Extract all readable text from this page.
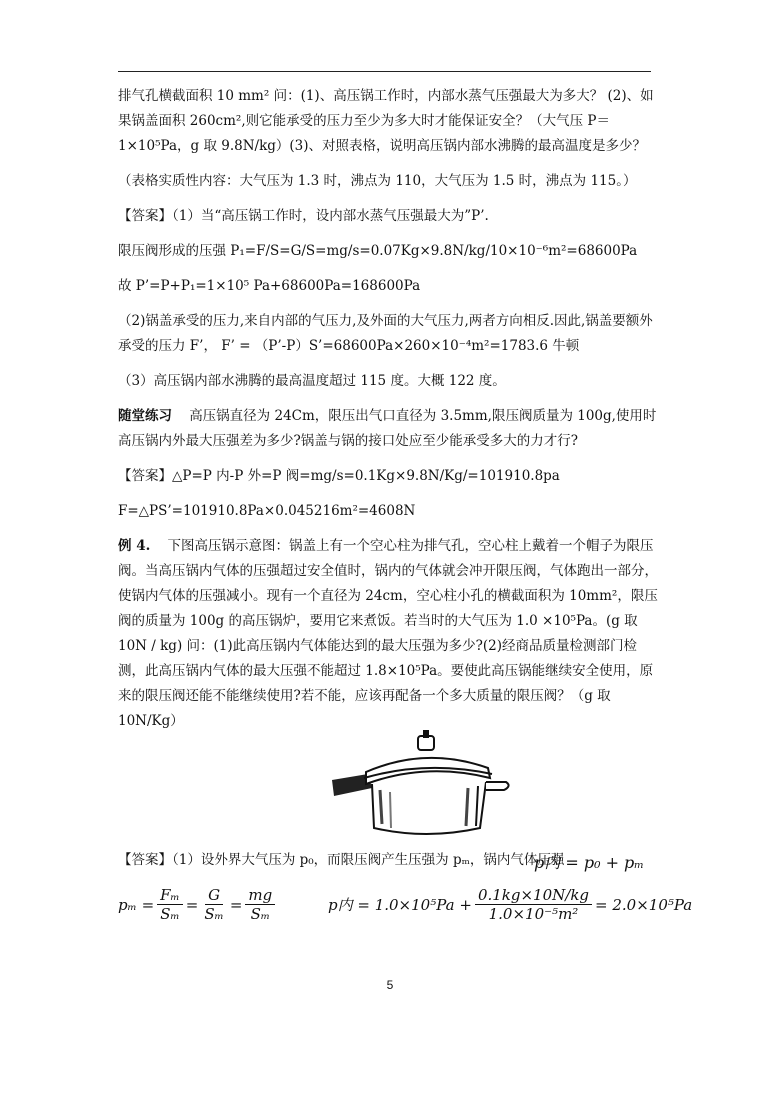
排气孔横截面积 10 mm² 问：(1)、高压锅工作时，内部水蒸气压强最大为多大？ (2)、如果锅盖面积 260cm²,则它能承受的压力至少为多大时才能保证安全？（大气压 P＝1×10⁵Pa，g 取 9.8N/kg）(3)、对照表格，说明高压锅内部水沸腾的最高温度是多少？

（表格实质性内容：大气压为 1.3 时，沸点为 110，大气压为 1.5 时，沸点为 115。）

【答案】（1）当“高压锅工作时，设内部水蒸气压强最大为”P’.

限压阀形成的压强 P₁=F/S=G/S=mg/s=0.07Kg×9.8N/kg/10×10⁻⁶m²=68600Pa

故 P’=P+P₁=1×10⁵ Pa+68600Pa=168600Pa

（2)锅盖承受的压力,来自内部的气压力,及外面的大气压力,两者方向相反.因此,锅盖要额外承受的压力 F’， F’ = （P’-P）S’=68600Pa×260×10⁻⁴m²=1783.6 牛顿

（3）高压锅内部水沸腾的最高温度超过 115 度。大概 122 度。

随堂练习 高压锅直径为 24Cm，限压出气口直径为 3.5mm,限压阀质量为 100g,使用时高压锅内外最大压强差为多少?锅盖与锅的接口处应至少能承受多大的力才行?

【答案】△P=P 内-P 外=P 阀=mg/s=0.1Kg×9.8N/Kg/=101910.8pa

F=△PS’=101910.8Pa×0.045216m²=4608N

例 4. 下图高压锅示意图：锅盖上有一个空心柱为排气孔，空心柱上戴着一个帽子为限压阀。当高压锅内气体的压强超过安全值时，锅内的气体就会冲开限压阀，气体跑出一部分，使锅内气体的压强减小。现有一个直径为 24cm，空心柱小孔的横截面积为 10mm²，限压阀的质量为 100g 的高压锅炉，要用它来煮饭。若当时的大气压为 1.0 ×10⁵Pa。(g 取 10N / kg) 问：(1)此高压锅内气体能达到的最大压强为多少?(2)经商品质量检测部门检测，此高压锅内气体的最大压强不能超过 1.8×10⁵Pa。要使此高压锅能继续安全使用，原来的限压阀还能不能继续使用?若不能，应该再配备一个多大质量的限压阀？（g 取 10N/Kg）

【答案】（1）设外界大气压为 p₀，而限压阀产生压强为 pₘ，锅内气体压强
p内 = p₀ + pₘ
$p_m = \frac{\text{Fₘ}}{\text{Sₘ}} = \frac{G}{\text{Sₘ}} = \frac{mg}{\text{Sₘ}}$	p内 = $1.0\times 10^5Pa + \frac{0.1kg\times 10N/kg}{\text{1.0×10⁻⁵m²}} = 2.0\times 10^5Pa$
5
